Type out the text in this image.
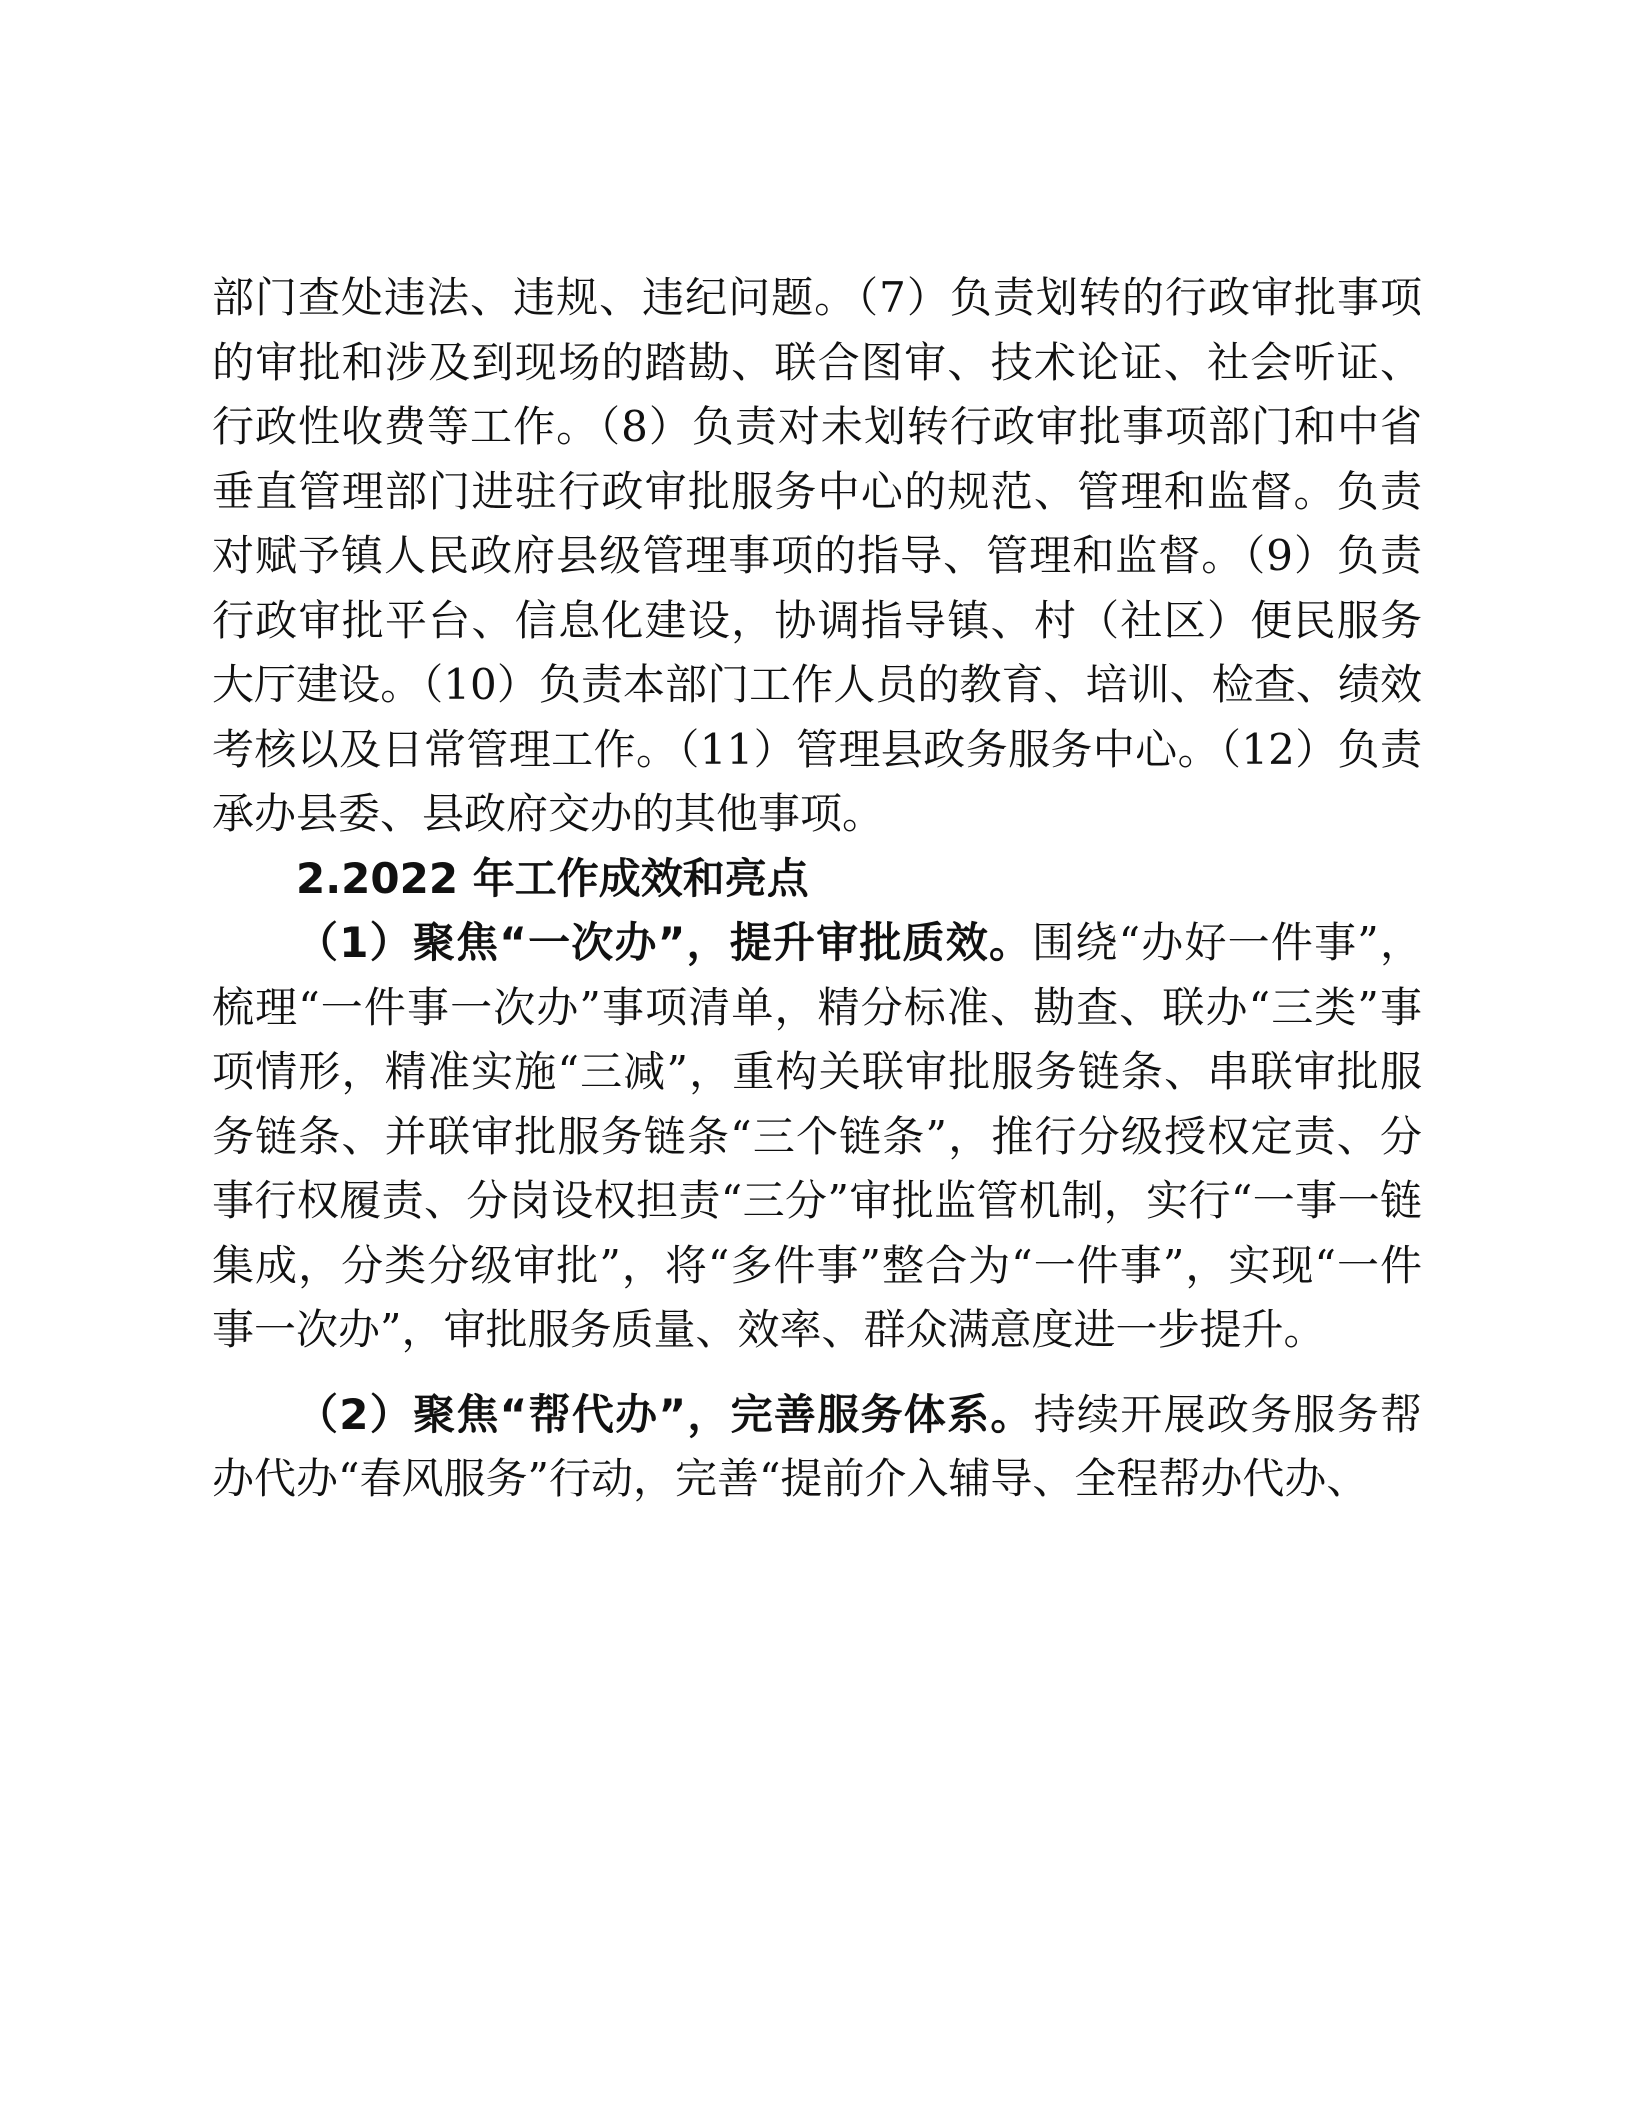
部门查处违法、违规、违纪问题。（7）负责划转的行政审批事项的审批和涉及到现场的踏勘、联合图审、技术论证、社会听证、行政性收费等工作。（8）负责对未划转行政审批事项部门和中省垂直管理部门进驻行政审批服务中心的规范、管理和监督。负责对赋予镇人民政府县级管理事项的指导、管理和监督。（9）负责行政审批平台、信息化建设，协调指导镇、村（社区）便民服务大厅建设。（10）负责本部门工作人员的教育、培训、检查、绩效考核以及日常管理工作。（11）管理县政务服务中心。（12）负责承办县委、县政府交办的其他事项。

2.2022 年工作成效和亮点

（1）聚焦“一次办”，提升审批质效。围绕“办好一件事”，梳理“一件事一次办”事项清单，精分标准、勘查、联办“三类”事项情形，精准实施“三减”，重构关联审批服务链条、串联审批服务链条、并联审批服务链条“三个链条”，推行分级授权定责、分事行权履责、分岗设权担责“三分”审批监管机制，实行“一事一链集成，分类分级审批”，将“多件事”整合为“一件事”，实现“一件事一次办”，审批服务质量、效率、群众满意度进一步提升。

（2）聚焦“帮代办”，完善服务体系。持续开展政务服务帮办代办“春风服务”行动，完善“提前介入辅导、全程帮办代办、
